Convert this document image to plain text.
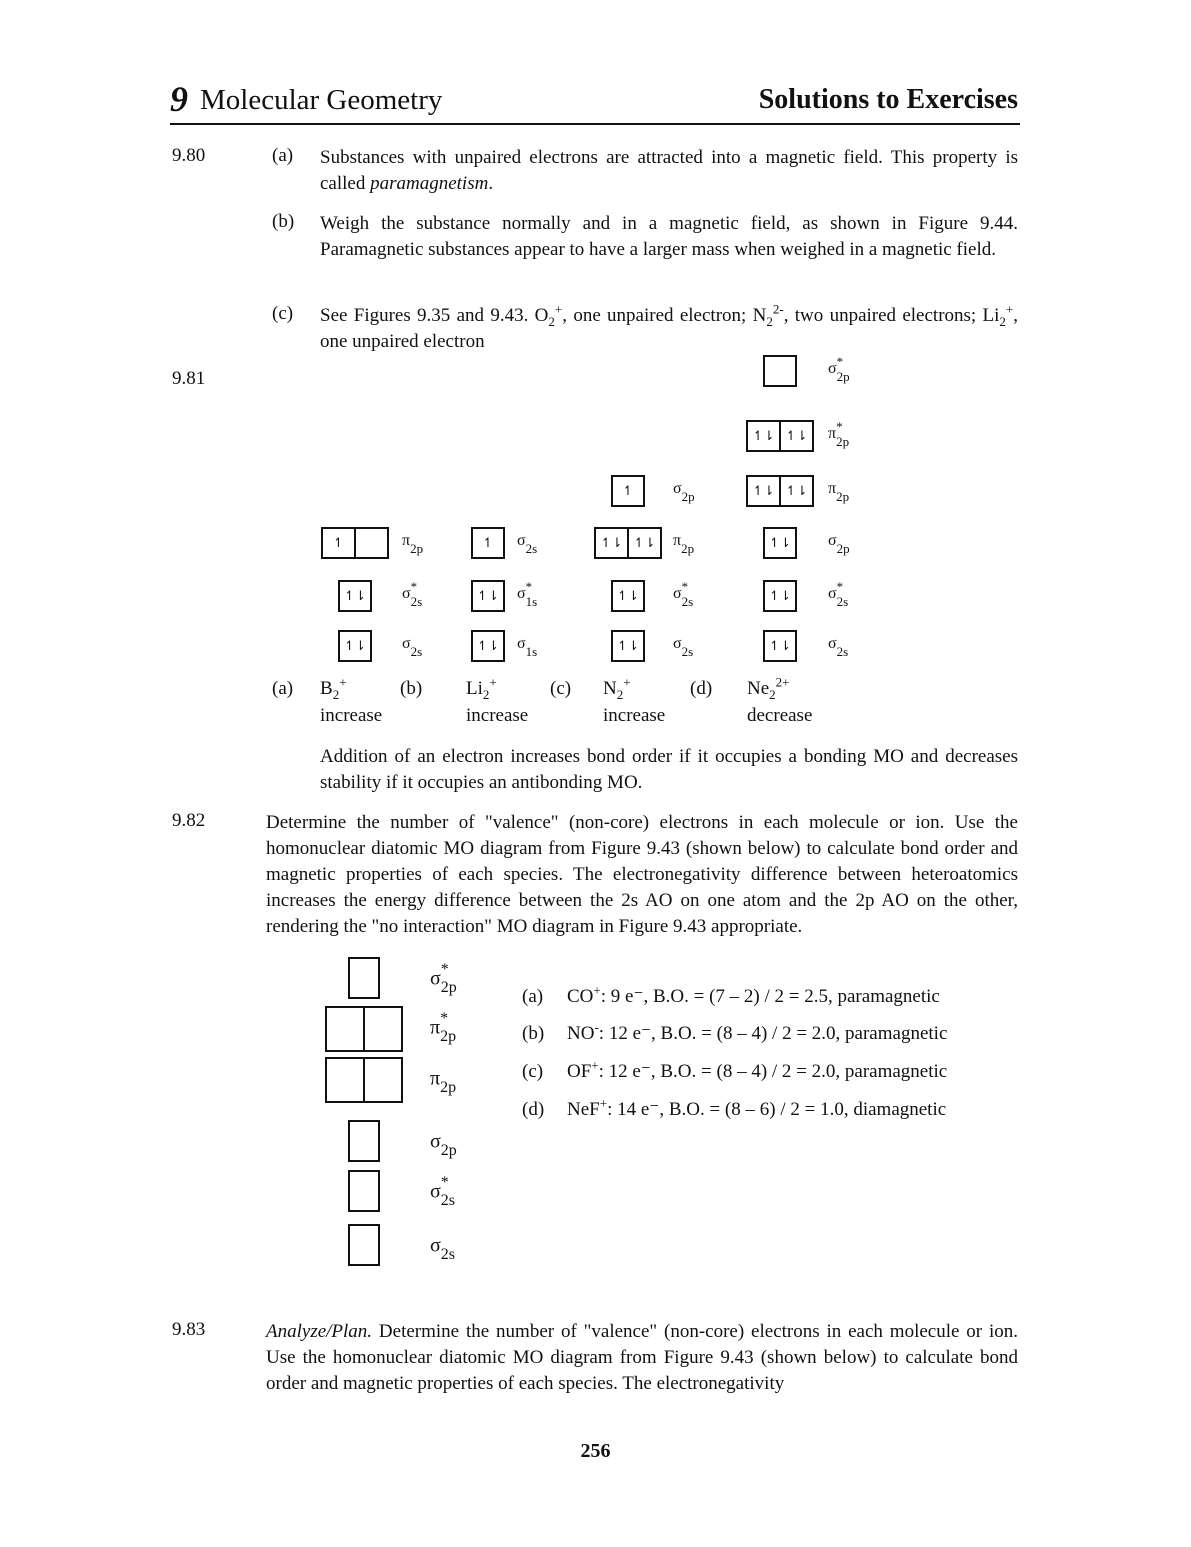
9 Molecular Geometry	Solutions to Exercises
9.80	(a) Substances with unpaired electrons are attracted into a magnetic field. This property is called paramagnetism.
(b) Weigh the substance normally and in a magnetic field, as shown in Figure 9.44. Paramagnetic substances appear to have a larger mass when weighed in a magnetic field.
(c) See Figures 9.35 and 9.43. $O_2^+$, one unpaired electron; $N_2^{2-}$, two unpaired electrons; $Li_2^+$, one unpaired electron
9.81
↿	π
2p
↿⇂ σ *
2s
↿⇂ σ
2s
↿	σ
2s
↿⇂ σ *
1s
↿⇂ σ
1s
↿	σ
2p
↿⇂ ↿⇂ π
2p
↿⇂ σ *
2s
↿⇂ σ
2s
σ *
2p
↿⇂ ↿⇂ π *
2p
↿⇂ ↿⇂ π
2p
↿⇂ σ
2p
↿⇂ σ *
2s
↿⇂ σ
2s
(a) $B_2^+$
increase
(b) $Li_2^+$
increase
(c) $N_2^+$
increase
(d) $Ne_2^{2+}$
decrease
Addition of an electron increases bond order if it occupies a bonding MO and decreases stability if it occupies an antibonding MO.
9.82	Determine the number of "valence" (non-core) electrons in each molecule or ion. Use the homonuclear diatomic MO diagram from Figure 9.43 (shown below) to calculate bond order and magnetic properties of each species. The electronegativity difference between heteroatomics increases the energy difference between the 2s AO on one atom and the 2p AO on the other, rendering the "no interaction" MO diagram in Figure 9.43 appropriate.
σ *
2p
π *
2p
π
2p
σ
2p
σ *
2s
σ
2s
(a) CO+: 9 e⁻, B.O. = (7 – 2) / 2 = 2.5, paramagnetic
(b) NO-: 12 e⁻, B.O. = (8 – 4) / 2 = 2.0, paramagnetic
(c) OF+: 12 e⁻, B.O. = (8 – 4) / 2 = 2.0, paramagnetic
(d) NeF+: 14 e⁻, B.O. = (8 – 6) / 2 = 1.0, diamagnetic
9.83	Analyze/Plan. Determine the number of "valence" (non-core) electrons in each molecule or ion. Use the homonuclear diatomic MO diagram from Figure 9.43 (shown below) to calculate bond order and magnetic properties of each species. The electronegativity
256
